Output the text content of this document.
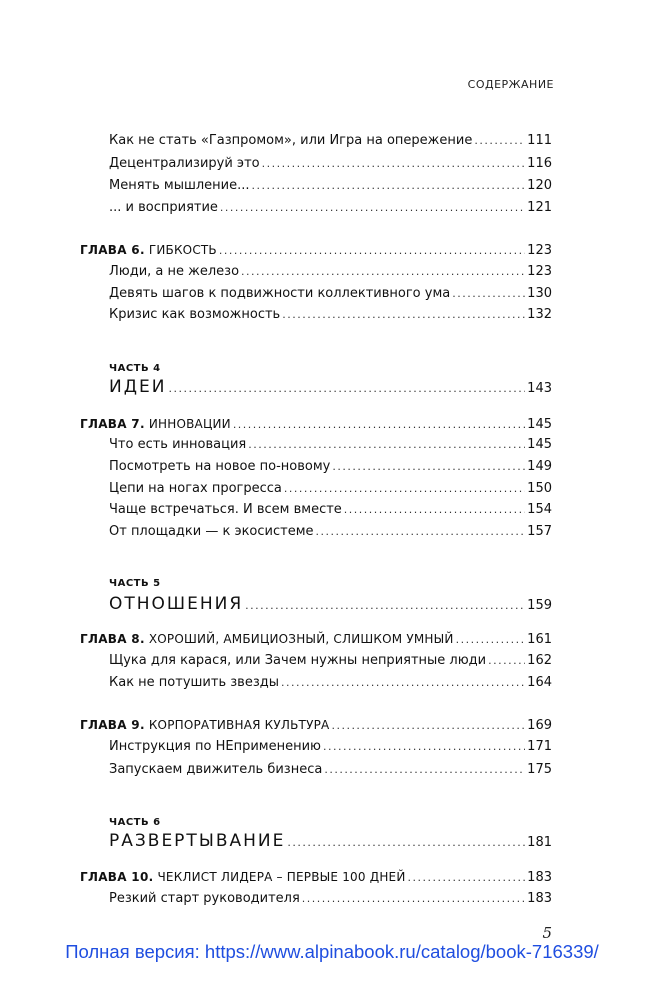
СОДЕРЖАНИЕ
Как не стать «Газпромом», или Игра на опережение .....	111
Децентрализируй это .....	116
Менять мышление... .....	120
... и восприятие .....	121
ГЛАВА 6. ГИБКОСТЬ .....	123
Люди, а не железо .....	123
Девять шагов к подвижности коллективного ума .....	130
Кризис как возможность .....	132
ЧАСТЬ 4
ИДЕИ .....	143
ГЛАВА 7. ИННОВАЦИИ .....	145
Что есть инновация .....	145
Посмотреть на новое по-новому .....	149
Цепи на ногах прогресса .....	150
Чаще встречаться. И всем вместе .....	154
От площадки — к экосистеме .....	157
ЧАСТЬ 5
ОТНОШЕНИЯ .....	159
ГЛАВА 8. ХОРОШИЙ, АМБИЦИОЗНЫЙ, СЛИШКОМ УМНЫЙ .....	161
Щука для карася, или Зачем нужны неприятные люди .....	162
Как не потушить звезды .....	164
ГЛАВА 9. КОРПОРАТИВНАЯ КУЛЬТУРА .....	169
Инструкция по НЕприменению .....	171
Запускаем движитель бизнеса .....	175
ЧАСТЬ 6
РАЗВЕРТЫВАНИЕ .....	181
ГЛАВА 10. ЧЕКЛИСТ ЛИДЕРА – ПЕРВЫЕ 100 ДНЕЙ .....	183
Резкий старт руководителя .....	183
5
Полная версия: https://www.alpinabook.ru/catalog/book-716339/
